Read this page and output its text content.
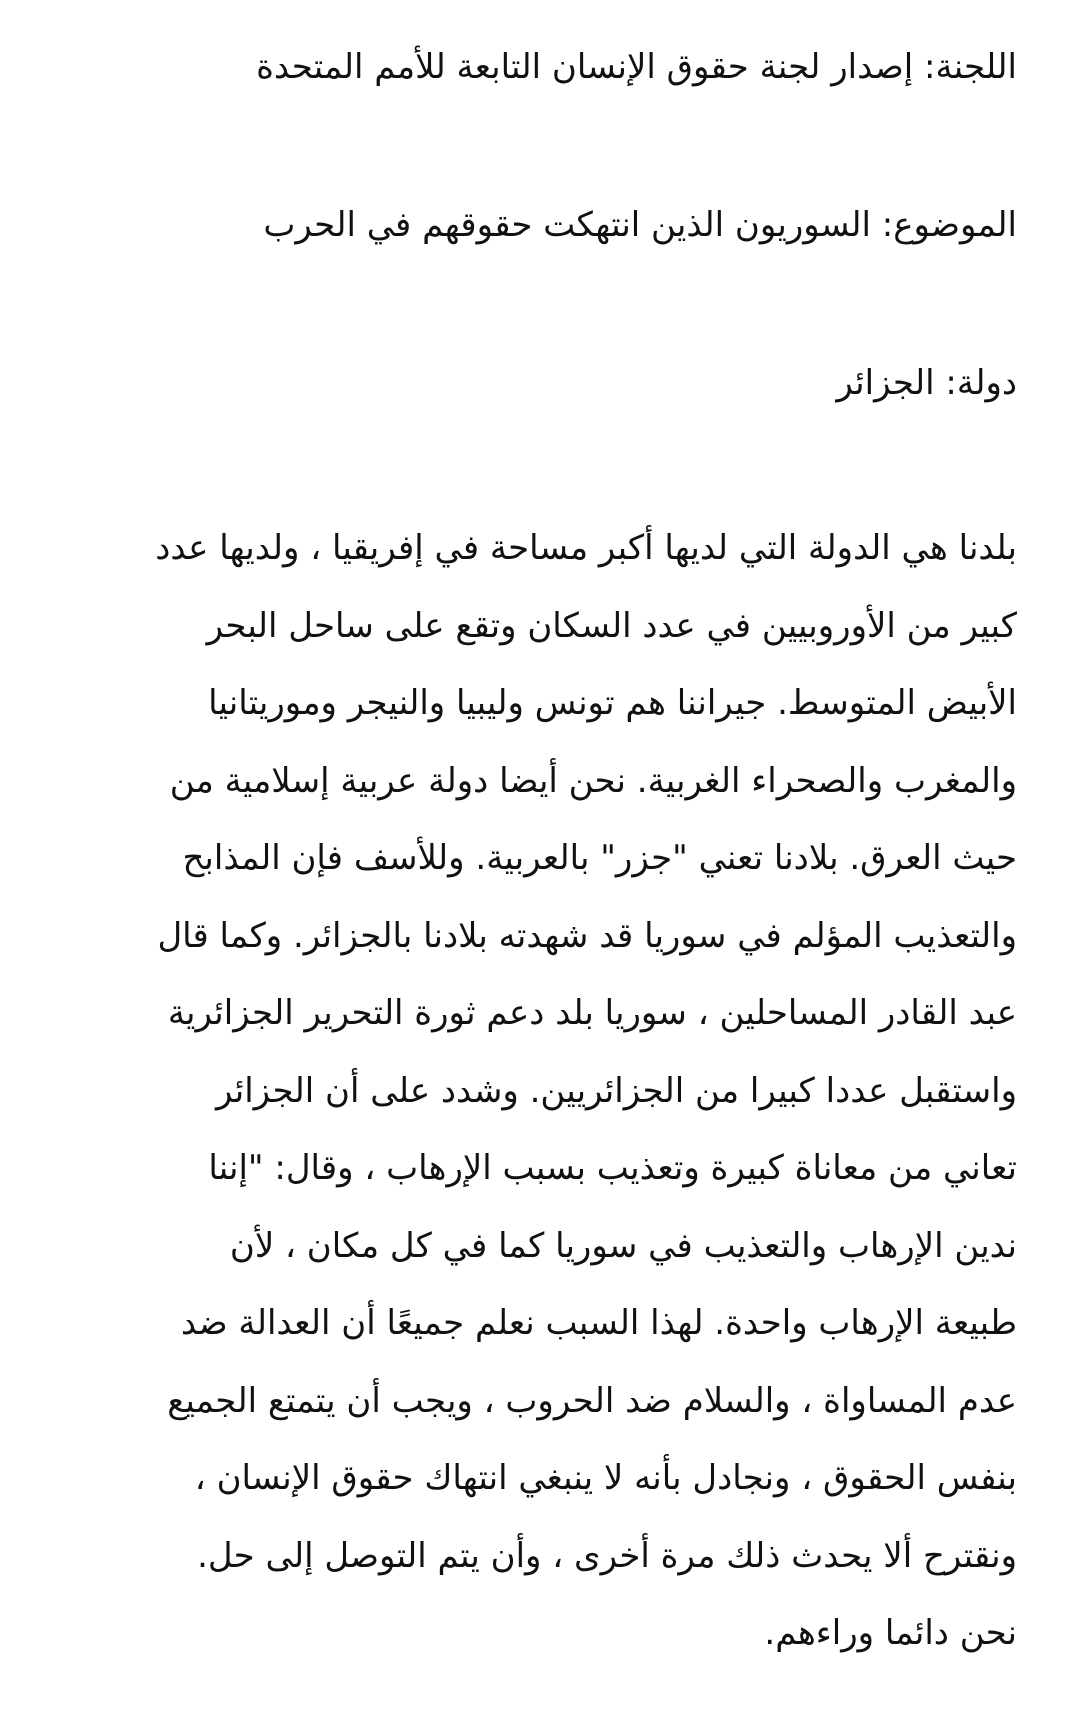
اللجنة: إصدار لجنة حقوق الإنسان التابعة للأمم المتحدة

الموضوع: السوريون الذين انتهكت حقوقهم في الحرب

دولة: الجزائر

بلدنا هي الدولة التي لديها أكبر مساحة في إفريقيا ، ولديها عدد
كبير من الأوروبيين في عدد السكان وتقع على ساحل البحر
الأبيض المتوسط. جيراننا هم تونس وليبيا والنيجر وموريتانيا
والمغرب والصحراء الغربية. نحن أيضا دولة عربية إسلامية من
حيث العرق. بلادنا تعني "جزر" بالعربية. وللأسف فإن المذابح
والتعذيب المؤلم في سوريا قد شهدته بلادنا بالجزائر. وكما قال
عبد القادر المساحلين ، سوريا بلد دعم ثورة التحرير الجزائرية
واستقبل عددا كبيرا من الجزائريين. وشدد على أن الجزائر
تعاني من معاناة كبيرة وتعذيب بسبب الإرهاب ، وقال: "إننا
ندين الإرهاب والتعذيب في سوريا كما في كل مكان ، لأن
طبيعة الإرهاب واحدة. لهذا السبب نعلم جميعًا أن العدالة ضد
عدم المساواة ، والسلام ضد الحروب ، ويجب أن يتمتع الجميع
بنفس الحقوق ، ونجادل بأنه لا ينبغي انتهاك حقوق الإنسان ،
ونقترح ألا يحدث ذلك مرة أخرى ، وأن يتم التوصل إلى حل.
نحن دائما وراءهم.
